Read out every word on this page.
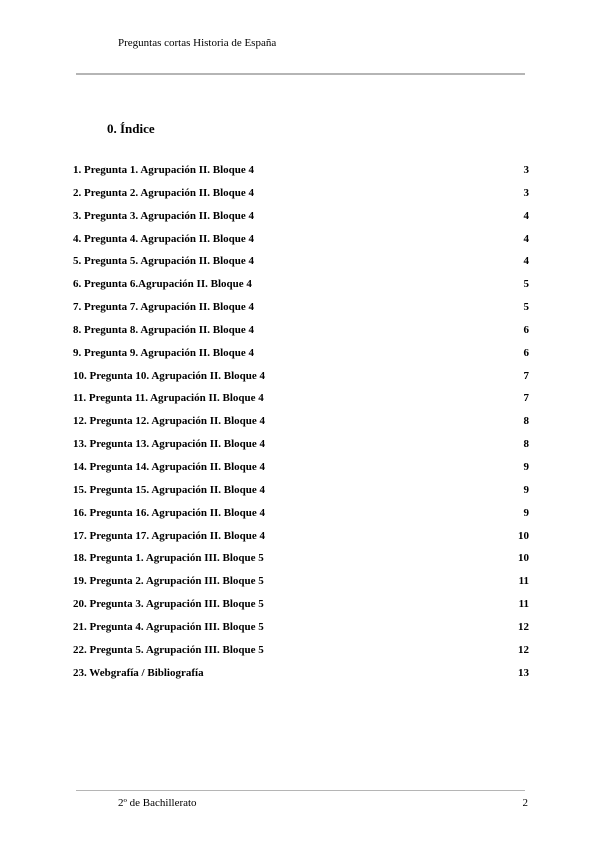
Preguntas cortas Historia de España
0. Índice
1. Pregunta 1. Agrupación II. Bloque 4	3
2. Pregunta 2. Agrupación II. Bloque 4	3
3. Pregunta 3. Agrupación II. Bloque 4	4
4. Pregunta 4. Agrupación II. Bloque 4	4
5. Pregunta 5. Agrupación II. Bloque 4	4
6. Pregunta 6.Agrupación II. Bloque 4	5
7. Pregunta 7. Agrupación II. Bloque 4	5
8. Pregunta 8. Agrupación II. Bloque 4	6
9. Pregunta 9. Agrupación II. Bloque 4	6
10. Pregunta 10. Agrupación II. Bloque 4	7
11. Pregunta 11. Agrupación II. Bloque 4	7
12. Pregunta 12. Agrupación II. Bloque 4	8
13. Pregunta 13. Agrupación II. Bloque 4	8
14. Pregunta 14. Agrupación II. Bloque 4	9
15. Pregunta 15. Agrupación II. Bloque 4	9
16. Pregunta 16. Agrupación II. Bloque 4	9
17. Pregunta 17. Agrupación II. Bloque 4	10
18. Pregunta 1. Agrupación III. Bloque 5	10
19. Pregunta 2. Agrupación III. Bloque 5	11
20. Pregunta 3. Agrupación III. Bloque 5	11
21. Pregunta 4. Agrupación III. Bloque 5	12
22. Pregunta 5. Agrupación III. Bloque 5	12
23. Webgrafía / Bibliografía	13
2º de Bachillerato	2
